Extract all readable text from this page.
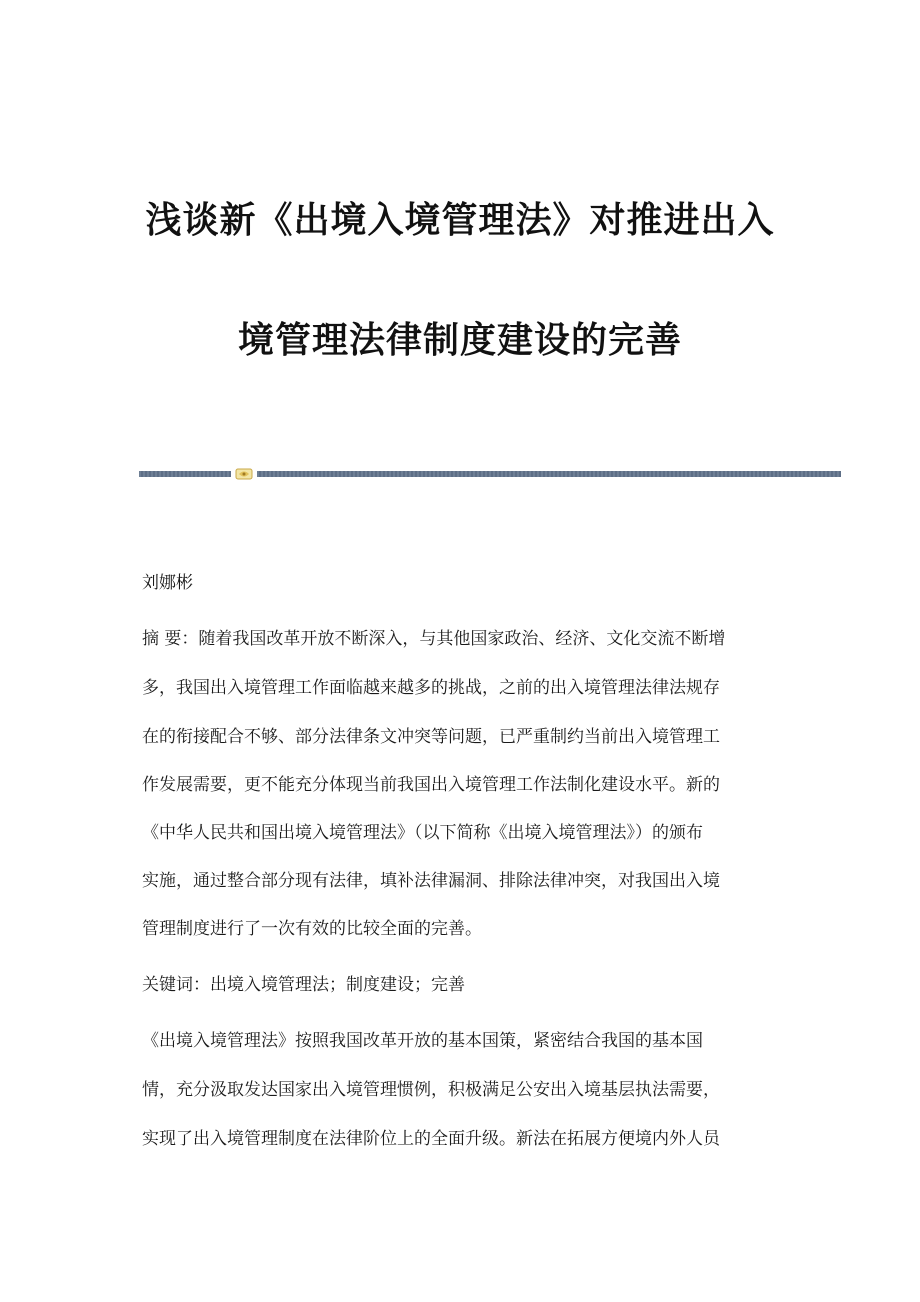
浅谈新《出境入境管理法》对推进出入
境管理法律制度建设的完善
刘娜彬
摘 要：随着我国改革开放不断深入，与其他国家政治、经济、文化交流不断增
多，我国出入境管理工作面临越来越多的挑战，之前的出入境管理法律法规存
在的衔接配合不够、部分法律条文冲突等问题，已严重制约当前出入境管理工
作发展需要，更不能充分体现当前我国出入境管理工作法制化建设水平。新的
《中华人民共和国出境入境管理法》（以下简称《出境入境管理法》）的颁布
实施，通过整合部分现有法律，填补法律漏洞、排除法律冲突，对我国出入境
管理制度进行了一次有效的比较全面的完善。
关键词：出境入境管理法；制度建设；完善
《出境入境管理法》按照我国改革开放的基本国策，紧密结合我国的基本国
情，充分汲取发达国家出入境管理惯例，积极满足公安出入境基层执法需要，
实现了出入境管理制度在法律阶位上的全面升级。新法在拓展方便境内外人员
